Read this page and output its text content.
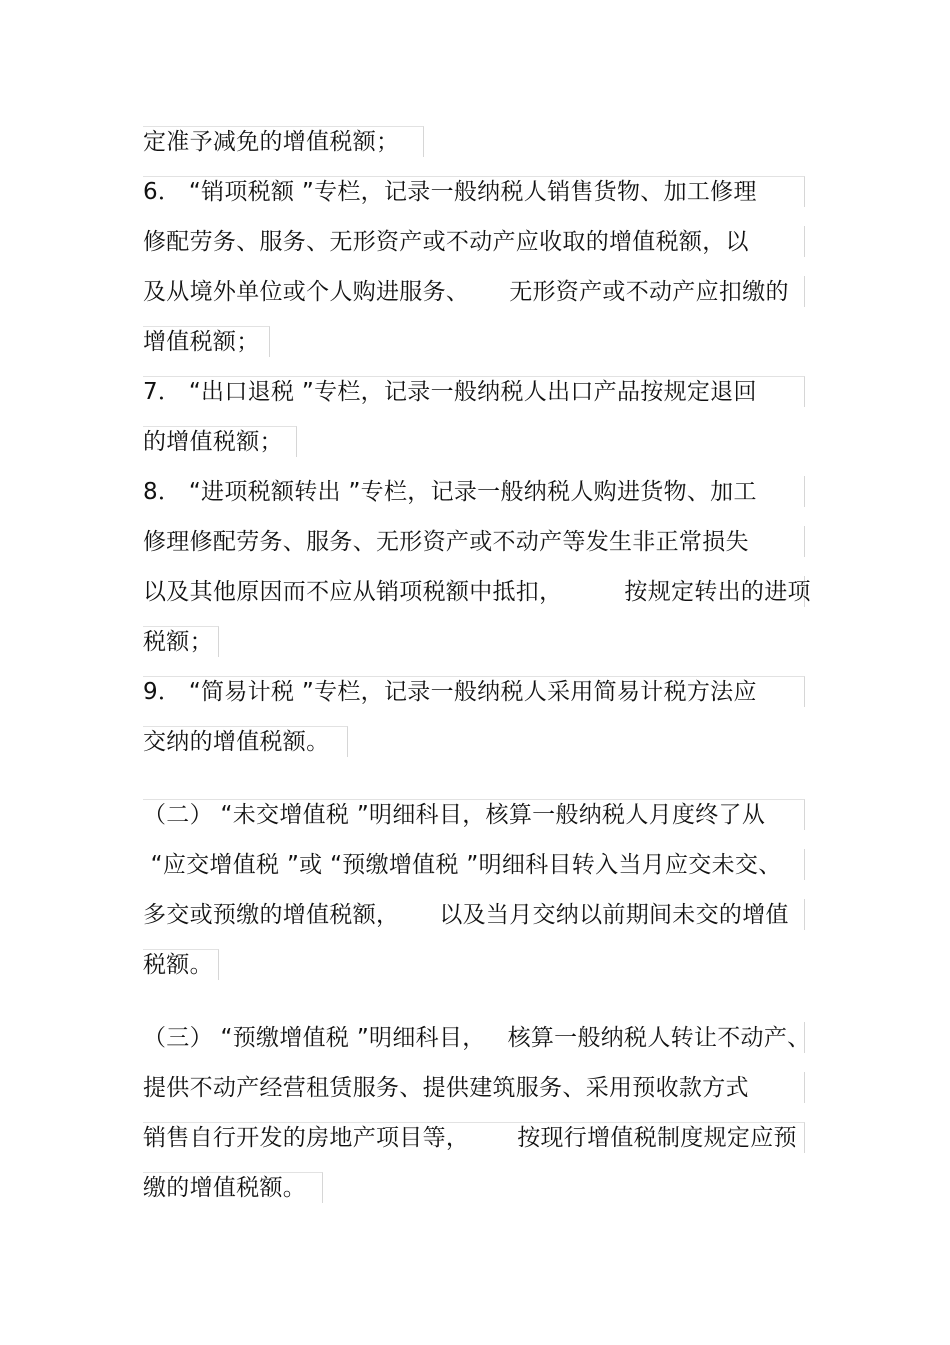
定准予减免的增值税额；
6． “销项税额 ”专栏，记录一般纳税人销售货物、加工修理
修配劳务、服务、无形资产或不动产应收取的增值税额，以
及从境外单位或个人购进服务、 无形资产或不动产应扣缴的
增值税额；
7． “出口退税 ”专栏，记录一般纳税人出口产品按规定退回
的增值税额；
8． “进项税额转出 ”专栏，记录一般纳税人购进货物、加工
修理修配劳务、服务、无形资产或不动产等发生非正常损失
以及其他原因而不应从销项税额中抵扣，	按规定转出的进项
税额；
9． “简易计税 ”专栏，记录一般纳税人采用简易计税方法应
交纳的增值税额。
（二） “未交增值税 ”明细科目，核算一般纳税人月度终了从
“应交增值税 ”或 “预缴增值税 ”明细科目转入当月应交未交、
多交或预缴的增值税额， 以及当月交纳以前期间未交的增值
税额。
（三） “预缴增值税 ”明细科目， 核算一般纳税人转让不动产、
提供不动产经营租赁服务、提供建筑服务、采用预收款方式
销售自行开发的房地产项目等， 按现行增值税制度规定应预
缴的增值税额。
